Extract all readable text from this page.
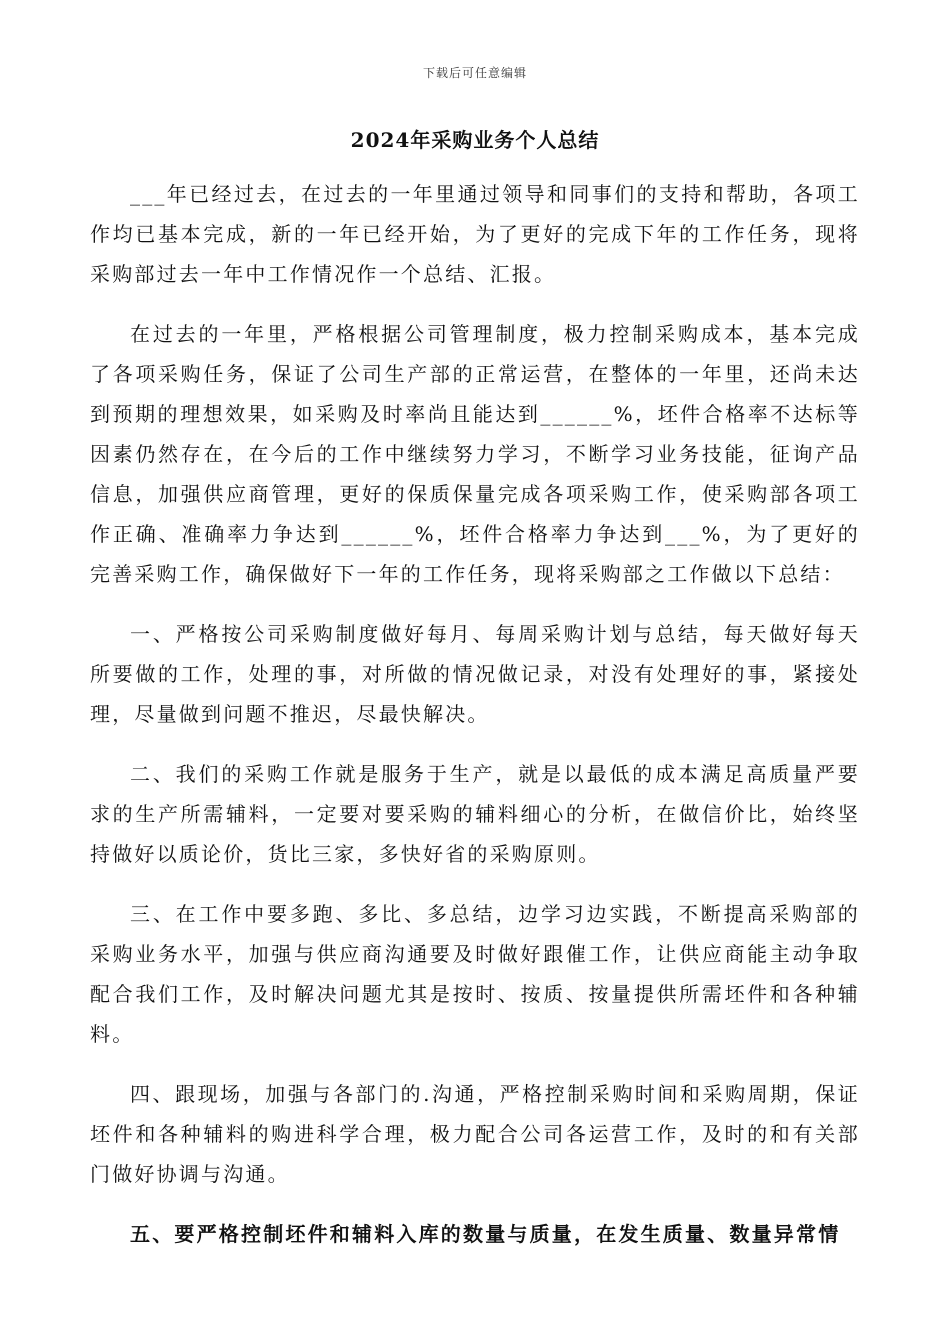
下载后可任意编辑
2024年采购业务个人总结

___年已经过去，在过去的一年里通过领导和同事们的支持和帮助，各项工作均已基本完成，新的一年已经开始，为了更好的完成下年的工作任务，现将采购部过去一年中工作情况作一个总结、汇报。

在过去的一年里，严格根据公司管理制度，极力控制采购成本，基本完成了各项采购任务，保证了公司生产部的正常运营，在整体的一年里，还尚未达到预期的理想效果，如采购及时率尚且能达到______%，坯件合格率不达标等因素仍然存在，在今后的工作中继续努力学习，不断学习业务技能，征询产品信息，加强供应商管理，更好的保质保量完成各项采购工作，使采购部各项工作正确、准确率力争达到______%，坯件合格率力争达到___%，为了更好的完善采购工作，确保做好下一年的工作任务，现将采购部之工作做以下总结：

一、严格按公司采购制度做好每月、每周采购计划与总结，每天做好每天所要做的工作，处理的事，对所做的情况做记录，对没有处理好的事，紧接处理，尽量做到问题不推迟，尽最快解决。

二、我们的采购工作就是服务于生产，就是以最低的成本满足高质量严要求的生产所需辅料，一定要对要采购的辅料细心的分析，在做信价比，始终坚持做好以质论价，货比三家，多快好省的采购原则。

三、在工作中要多跑、多比、多总结，边学习边实践，不断提高采购部的采购业务水平，加强与供应商沟通要及时做好跟催工作，让供应商能主动争取配合我们工作，及时解决问题尤其是按时、按质、按量提供所需坯件和各种辅料。

四、跟现场，加强与各部门的.沟通，严格控制采购时间和采购周期，保证坯件和各种辅料的购进科学合理，极力配合公司各运营工作，及时的和有关部门做好协调与沟通。

五、要严格控制坯件和辅料入库的数量与质量，在发生质量、数量异常情
